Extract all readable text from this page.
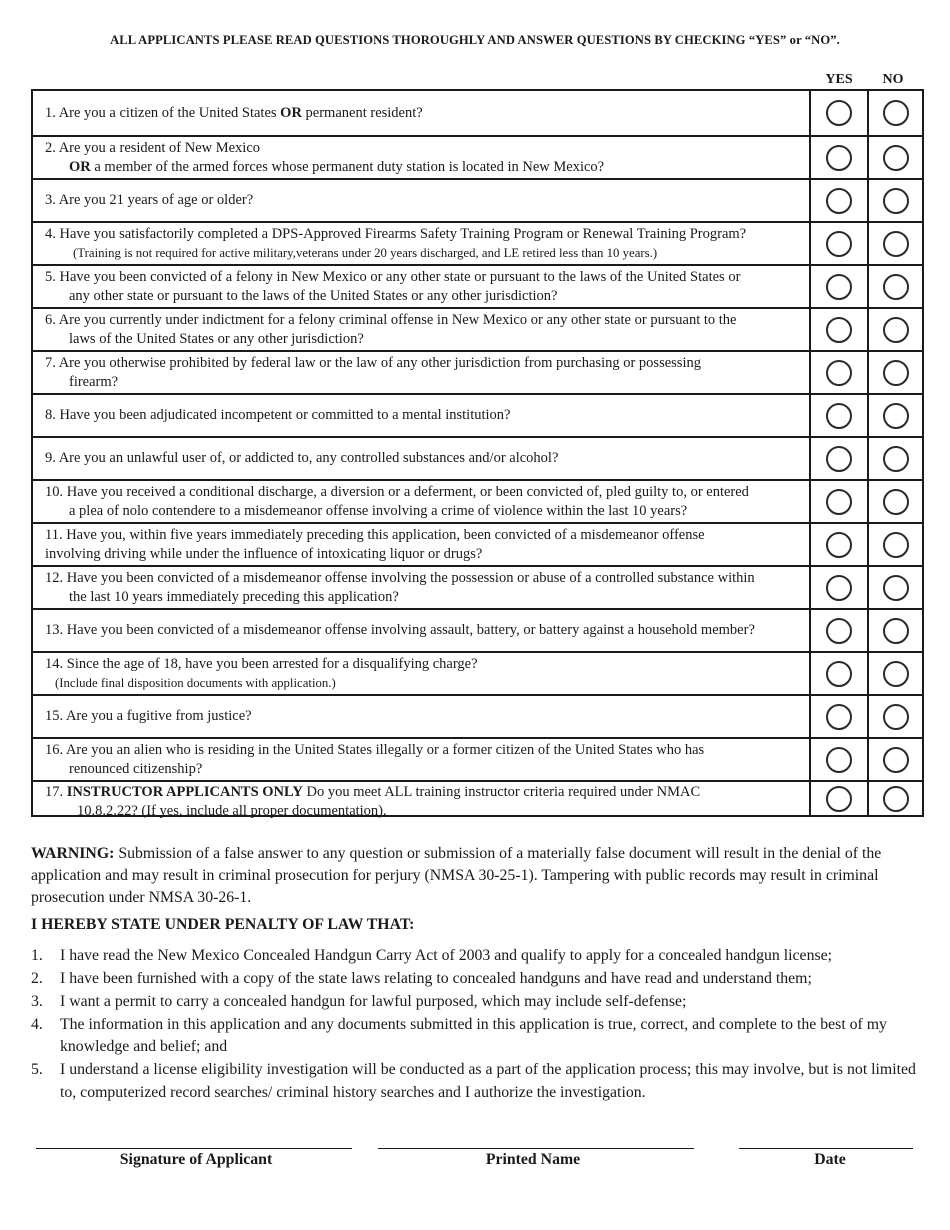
ALL APPLICANTS PLEASE READ QUESTIONS THOROUGHLY AND ANSWER QUESTIONS BY CHECKING “YES” or “NO”.
YES	NO
1. Are you a citizen of the United States OR permanent resident?
2. Are you a resident of New Mexico
OR a member of the armed forces whose permanent duty station is located in New Mexico?
3. Are you 21 years of age or older?
4. Have you satisfactorily completed a DPS-Approved Firearms Safety Training Program or Renewal Training Program?
(Training is not required for active military,veterans under 20 years discharged, and LE retired less than 10 years.)
5. Have you been convicted of a felony in New Mexico or any other state or pursuant to the laws of the United States or
any other state or pursuant to the laws of the United States or any other jurisdiction?
6. Are you currently under indictment for a felony criminal offense in New Mexico or any other state or pursuant to the
laws of the United States or any other jurisdiction?
7. Are you otherwise prohibited by federal law or the law of any other jurisdiction from purchasing or possessing
firearm?
8. Have you been adjudicated incompetent or committed to a mental institution?
9. Are you an unlawful user of, or addicted to, any controlled substances and/or alcohol?
10. Have you received a conditional discharge, a diversion or a deferment, or been convicted of, pled guilty to, or entered
a plea of nolo contendere to a misdemeanor offense involving a crime of violence within the last 10 years?
11. Have you, within five years immediately preceding this application, been convicted of a misdemeanor offense
involving driving while under the influence of intoxicating liquor or drugs?
12. Have you been convicted of a misdemeanor offense involving the possession or abuse of a controlled substance within
the last 10 years immediately preceding this application?
13. Have you been convicted of a misdemeanor offense involving assault, battery, or battery against a household member?
14. Since the age of 18, have you been arrested for a disqualifying charge?
(Include final disposition documents with application.)
15. Are you a fugitive from justice?
16. Are you an alien who is residing in the United States illegally or a former citizen of the United States who has
renounced citizenship?
17. INSTRUCTOR APPLICANTS ONLY Do you meet ALL training instructor criteria required under NMAC
10.8.2.22? (If yes, include all proper documentation).
WARNING: Submission of a false answer to any question or submission of a materially false document will result in the denial of the application and may result in criminal prosecution for perjury (NMSA 30-25-1). Tampering with public records may result in criminal prosecution under NMSA 30-26-1.
I HEREBY STATE UNDER PENALTY OF LAW THAT:
1. I have read the New Mexico Concealed Handgun Carry Act of 2003 and qualify to apply for a concealed handgun license;
2. I have been furnished with a copy of the state laws relating to concealed handguns and have read and understand them;
3. I want a permit to carry a concealed handgun for lawful purposed, which may include self-defense;
4. The information in this application and any documents submitted in this application is true, correct, and complete to the best of my knowledge and belief; and
5. I understand a license eligibility investigation will be conducted as a part of the application process; this may involve, but is not limited to, computerized record searches/ criminal history searches and I authorize the investigation.
Signature of Applicant	Printed Name	Date
